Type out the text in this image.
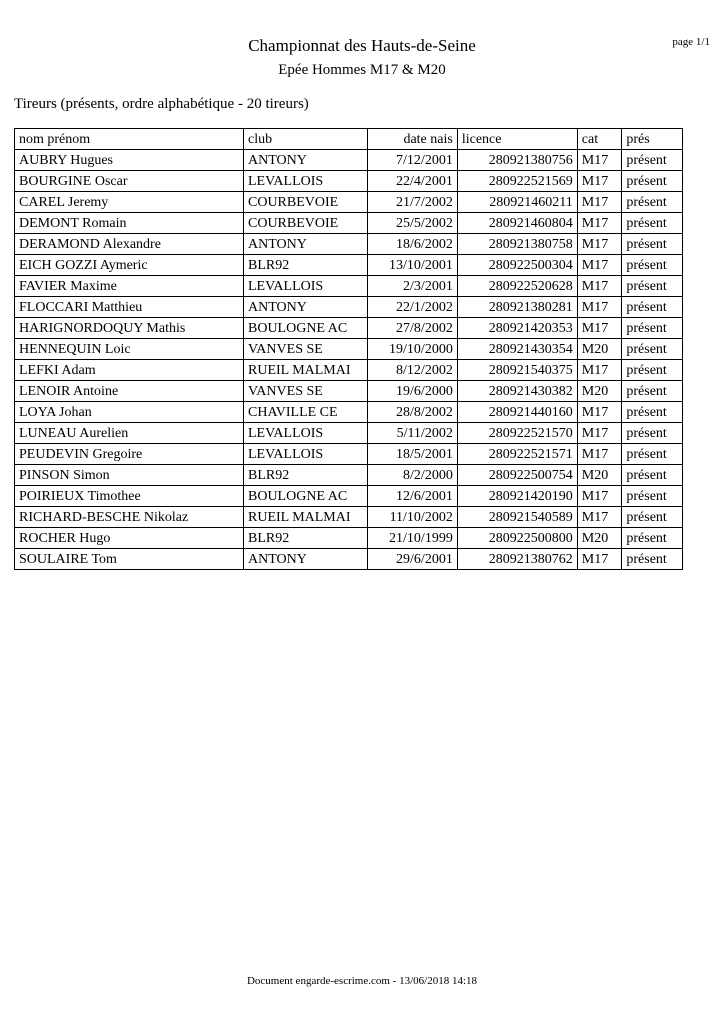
page 1/1
Championnat des Hauts-de-Seine
Epée Hommes M17 & M20
Tireurs (présents, ordre alphabétique - 20 tireurs)
nom prénom	club	date nais	licence	cat	prés
AUBRY Hugues	ANTONY	7/12/2001	280921380756	M17	présent
BOURGINE Oscar	LEVALLOIS	22/4/2001	280922521569	M17	présent
CAREL Jeremy	COURBEVOIE	21/7/2002	280921460211	M17	présent
DEMONT Romain	COURBEVOIE	25/5/2002	280921460804	M17	présent
DERAMOND Alexandre	ANTONY	18/6/2002	280921380758	M17	présent
EICH GOZZI Aymeric	BLR92	13/10/2001	280922500304	M17	présent
FAVIER Maxime	LEVALLOIS	2/3/2001	280922520628	M17	présent
FLOCCARI Matthieu	ANTONY	22/1/2002	280921380281	M17	présent
HARIGNORDOQUY Mathis	BOULOGNE AC	27/8/2002	280921420353	M17	présent
HENNEQUIN Loic	VANVES SE	19/10/2000	280921430354	M20	présent
LEFKI Adam	RUEIL MALMAI	8/12/2002	280921540375	M17	présent
LENOIR Antoine	VANVES SE	19/6/2000	280921430382	M20	présent
LOYA Johan	CHAVILLE CE	28/8/2002	280921440160	M17	présent
LUNEAU Aurelien	LEVALLOIS	5/11/2002	280922521570	M17	présent
PEUDEVIN Gregoire	LEVALLOIS	18/5/2001	280922521571	M17	présent
PINSON Simon	BLR92	8/2/2000	280922500754	M20	présent
POIRIEUX Timothee	BOULOGNE AC	12/6/2001	280921420190	M17	présent
RICHARD-BESCHE Nikolaz	RUEIL MALMAI	11/10/2002	280921540589	M17	présent
ROCHER Hugo	BLR92	21/10/1999	280922500800	M20	présent
SOULAIRE Tom	ANTONY	29/6/2001	280921380762	M17	présent
Document engarde-escrime.com - 13/06/2018 14:18
